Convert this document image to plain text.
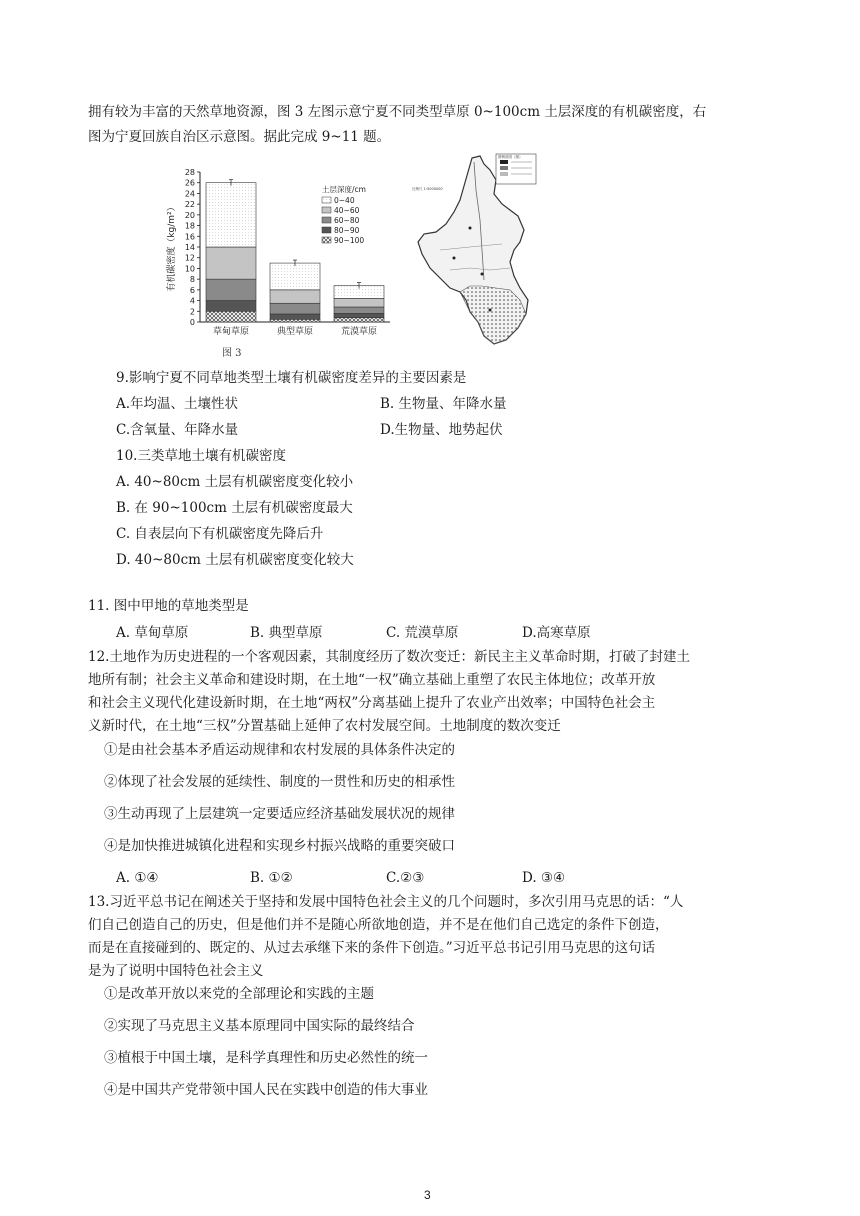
拥有较为丰富的天然草地资源，图 3 左图示意宁夏不同类型草原 0~100cm 土层深度的有机碳密度，右
图为宁夏回族自治区示意图。据此完成 9~11 题。
0
2
4
6
8
10
12
14
16
18
20
22
24
26
28
有机碳密度（kg/m²）
草甸草原	典型草原	荒漠草原
土层深度/cm
0~40
40~60
60~80
80~90
90~100
图例说明（图）
比例尺 1:5000000
图 3
9.影响宁夏不同草地类型土壤有机碳密度差异的主要因素是
A.年均温、土壤性状	B. 生物量、年降水量
C.含氧量、年降水量	D.生物量、地势起伏
10.三类草地土壤有机碳密度
A. 40~80cm 土层有机碳密度变化较小
B. 在 90~100cm 土层有机碳密度最大
C. 自表层向下有机碳密度先降后升
D. 40~80cm 土层有机碳密度变化较大
11. 图中甲地的草地类型是
A. 草甸草原	B. 典型草原	C. 荒漠草原	D.高寒草原
12.土地作为历史进程的一个客观因素，其制度经历了数次变迁：新民主主义革命时期，打破了封建土
地所有制；社会主义革命和建设时期，在土地“一权”确立基础上重塑了农民主体地位；改革开放
和社会主义现代化建设新时期，在土地“两权”分离基础上提升了农业产出效率；中国特色社会主
义新时代，在土地“三权”分置基础上延伸了农村发展空间。土地制度的数次变迁
①是由社会基本矛盾运动规律和农村发展的具体条件决定的
②体现了社会发展的延续性、制度的一贯性和历史的相承性
③生动再现了上层建筑一定要适应经济基础发展状况的规律
④是加快推进城镇化进程和实现乡村振兴战略的重要突破口
A. ①④	B. ①②	C.②③	D. ③④
13.习近平总书记在阐述关于坚持和发展中国特色社会主义的几个问题时，多次引用马克思的话：“人
们自己创造自己的历史，但是他们并不是随心所欲地创造，并不是在他们自己选定的条件下创造，
而是在直接碰到的、既定的、从过去承继下来的条件下创造。”习近平总书记引用马克思的这句话
是为了说明中国特色社会主义
①是改革开放以来党的全部理论和实践的主题
②实现了马克思主义基本原理同中国实际的最终结合
③植根于中国土壤，是科学真理性和历史必然性的统一
④是中国共产党带领中国人民在实践中创造的伟大事业
3
